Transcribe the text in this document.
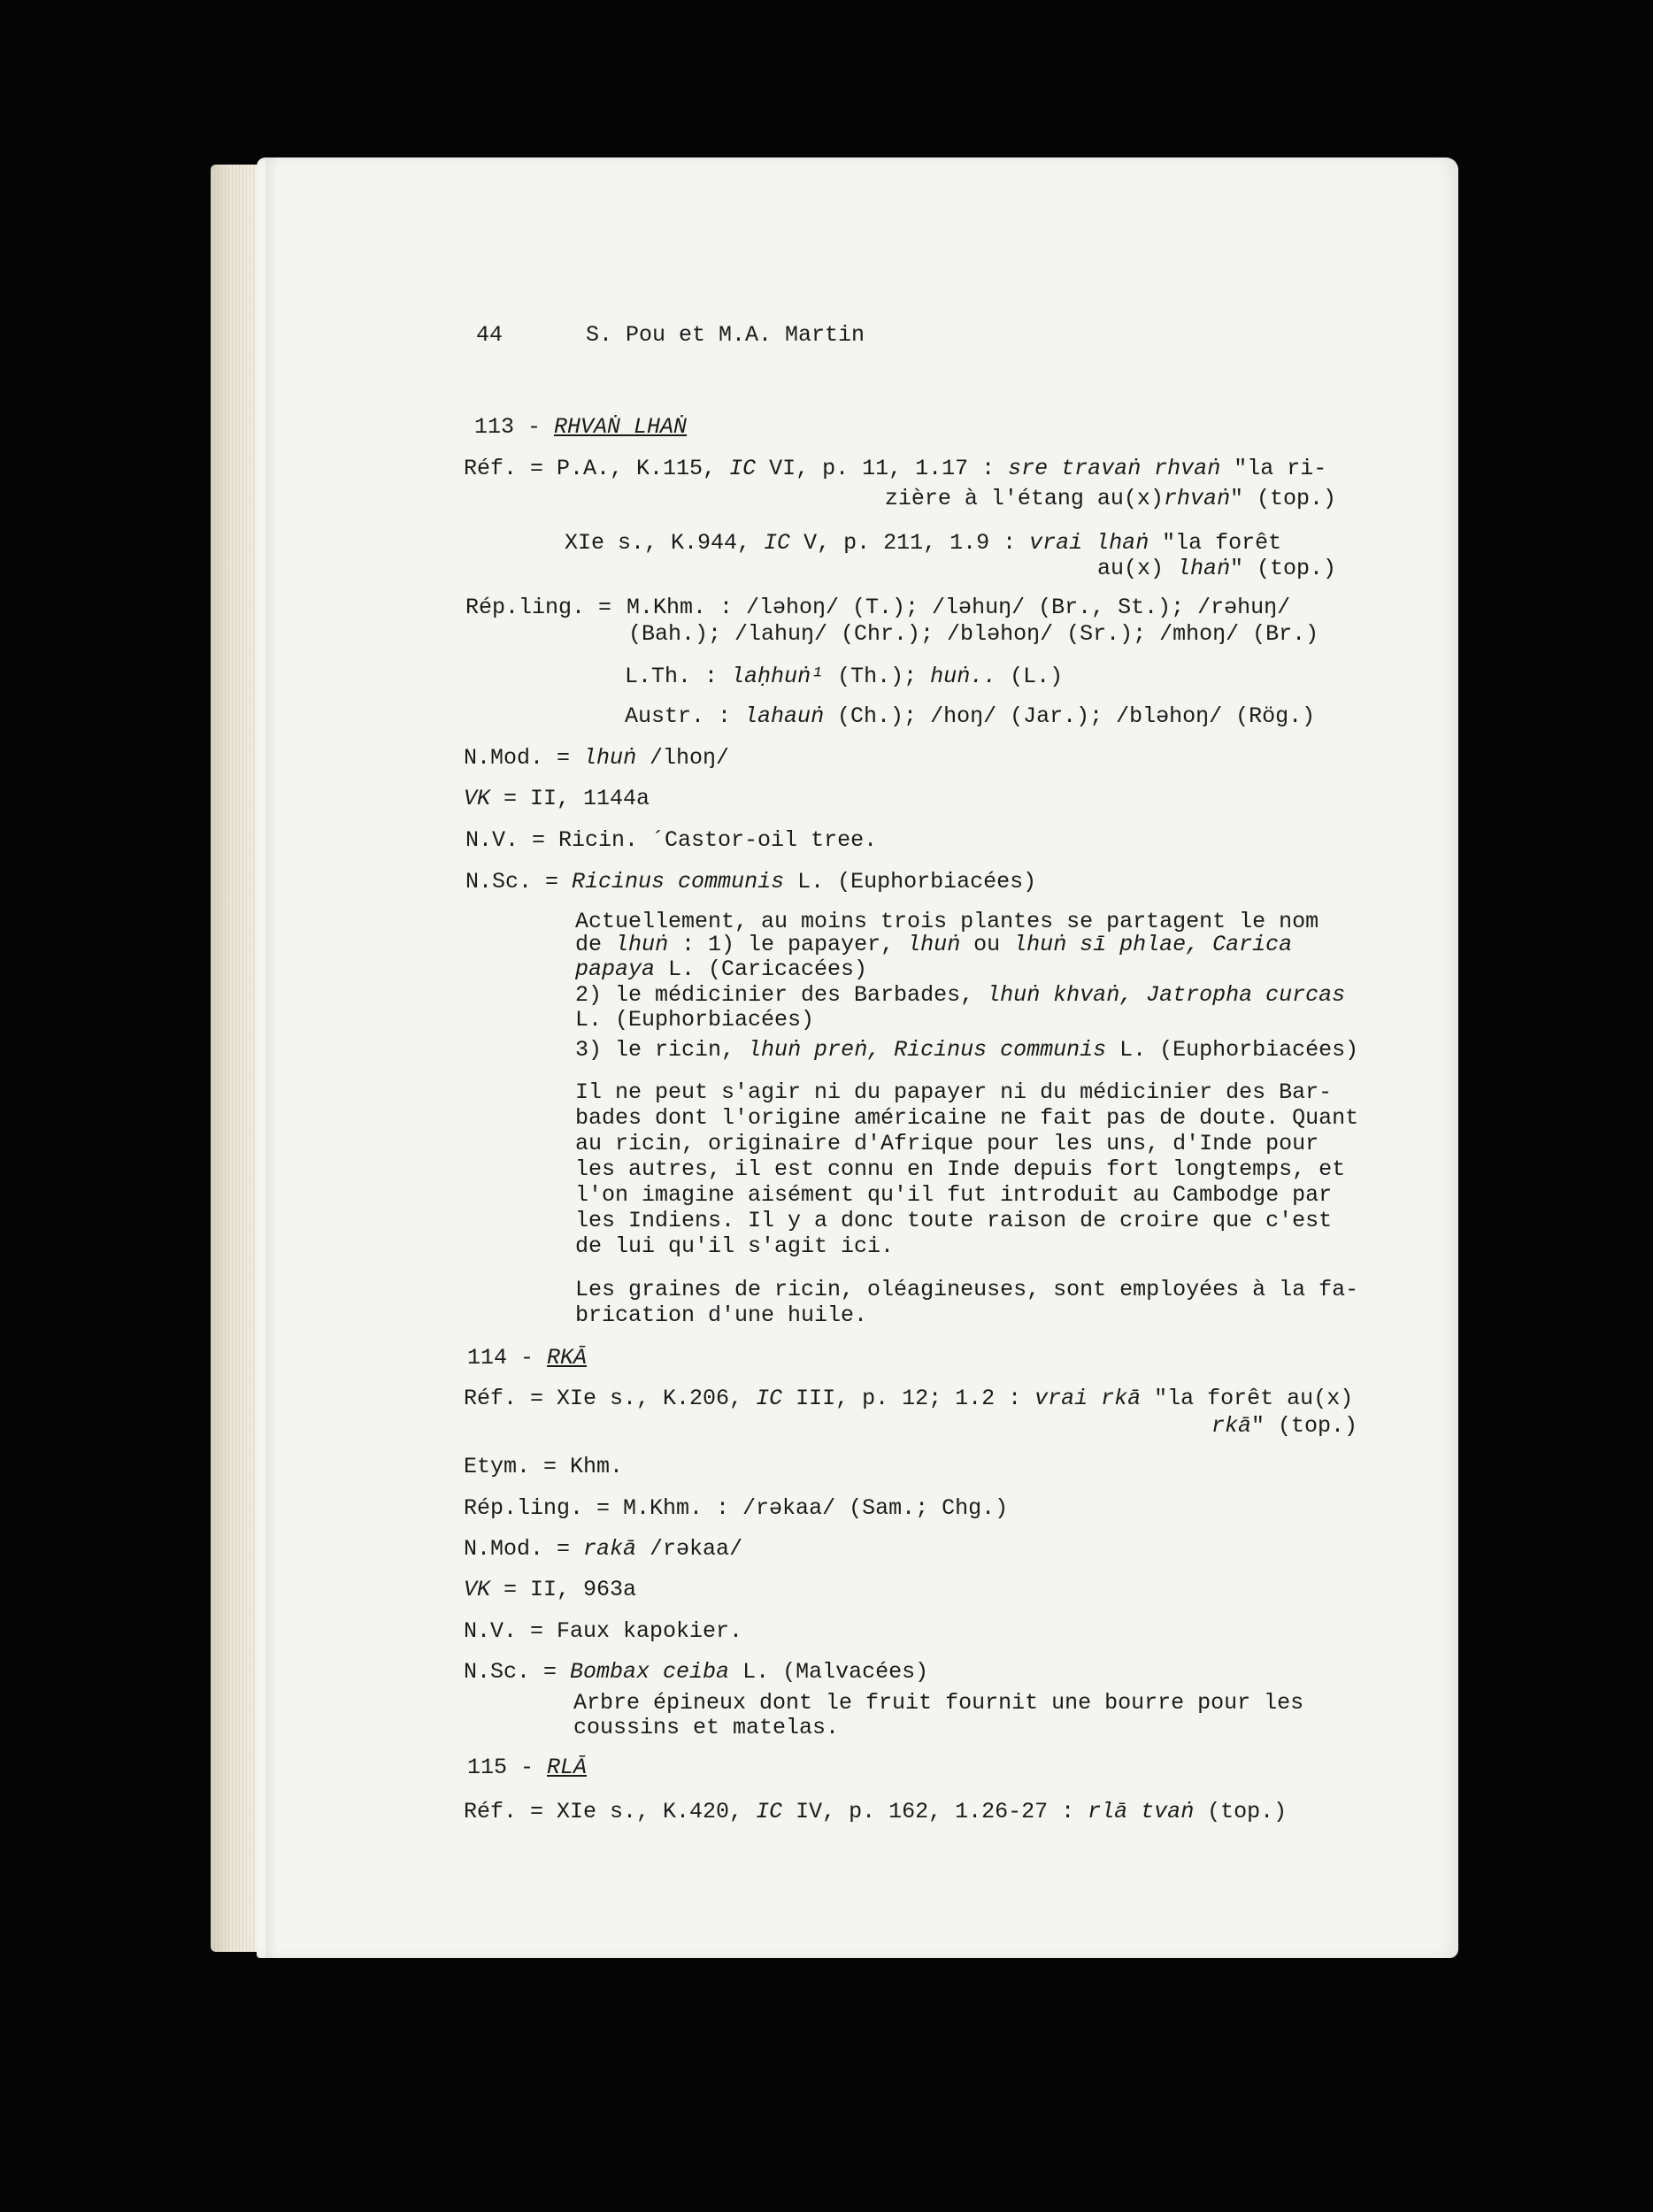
44	S. Pou et M.A. Martin
113 - RHVAṄ LHAṄ
Réf. = P.A., K.115, IC VI, p. 11, 1.17 : sre travaṅ rhvaṅ "la ri-
zière à l'étang au(x)rhvaṅ" (top.)
XIe s., K.944, IC V, p. 211, 1.9 : vrai lhaṅ "la forêt
au(x) lhaṅ" (top.)
Rép.ling. = M.Khm. : /ləhoŋ/ (T.); /ləhuŋ/ (Br., St.); /rəhuŋ/
(Bah.); /lahuŋ/ (Chr.); /bləhoŋ/ (Sr.); /mhoŋ/ (Br.)
L.Th. : laḥhuṅ¹ (Th.); huṅ.. (L.)
Austr. : lahauṅ (Ch.); /hoŋ/ (Jar.); /bləhoŋ/ (Rög.)
N.Mod. = lhuṅ /lhoŋ/
VK = II, 1144a
N.V. = Ricin. ´Castor-oil tree.
N.Sc. = Ricinus communis L. (Euphorbiacées)
Actuellement, au moins trois plantes se partagent le nom
de lhuṅ : 1) le papayer, lhuṅ ou lhuṅ sī phlae, Carica
papaya L. (Caricacées)
2) le médicinier des Barbades, lhuṅ khvaṅ, Jatropha curcas
L. (Euphorbiacées)
3) le ricin, lhuṅ preṅ, Ricinus communis L. (Euphorbiacées)
Il ne peut s'agir ni du papayer ni du médicinier des Bar-
bades dont l'origine américaine ne fait pas de doute. Quant
au ricin, originaire d'Afrique pour les uns, d'Inde pour
les autres, il est connu en Inde depuis fort longtemps, et
l'on imagine aisément qu'il fut introduit au Cambodge par
les Indiens. Il y a donc toute raison de croire que c'est
de lui qu'il s'agit ici.
Les graines de ricin, oléagineuses, sont employées à la fa-
brication d'une huile.
114 - RKĀ
Réf. = XIe s., K.206, IC III, p. 12; 1.2 : vrai rkā "la forêt au(x)
rkā" (top.)
Etym. = Khm.
Rép.ling. = M.Khm. : /rəkaa/ (Sam.; Chg.)
N.Mod. = rakā /rəkaa/
VK = II, 963a
N.V. = Faux kapokier.
N.Sc. = Bombax ceiba L. (Malvacées)
Arbre épineux dont le fruit fournit une bourre pour les
coussins et matelas.
115 - RLĀ
Réf. = XIe s., K.420, IC IV, p. 162, 1.26-27 : rlā tvaṅ (top.)
